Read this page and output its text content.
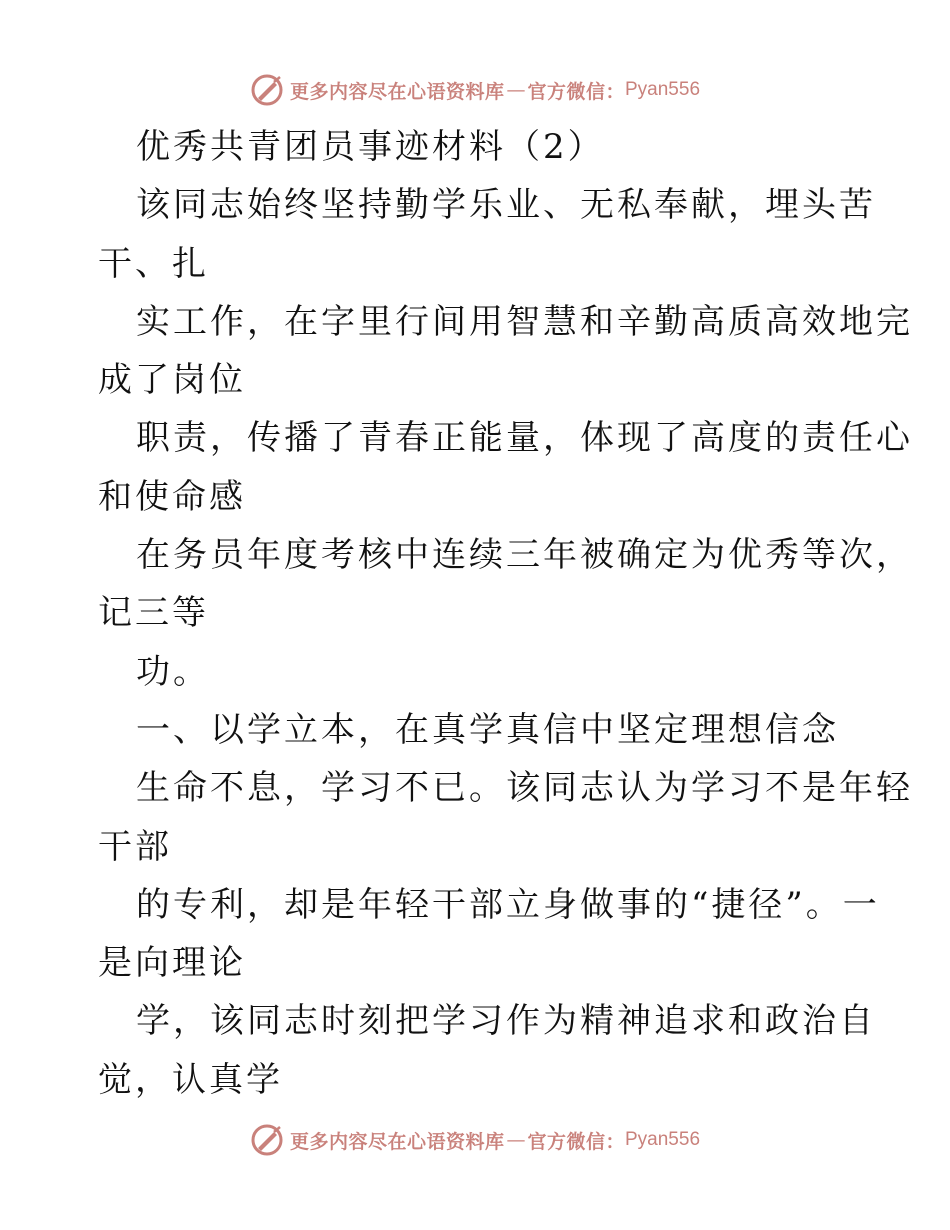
更多内容尽在心语资料库 — 官方微信： Pyan556

优秀共青团员事迹材料（2）

该同志始终坚持勤学乐业、无私奉献，埋头苦

干、扎

实工作，在字里行间用智慧和辛勤高质高效地完

成了岗位

职责，传播了青春正能量，体现了高度的责任心

和使命感

在务员年度考核中连续三年被确定为优秀等次，

记三等

功。

一、以学立本，在真学真信中坚定理想信念

生命不息，学习不已。该同志认为学习不是年轻

干部

的专利，却是年轻干部立身做事的“捷径”。一

是向理论

学，该同志时刻把学习作为精神追求和政治自

觉，认真学

更多内容尽在心语资料库 — 官方微信： Pyan556
